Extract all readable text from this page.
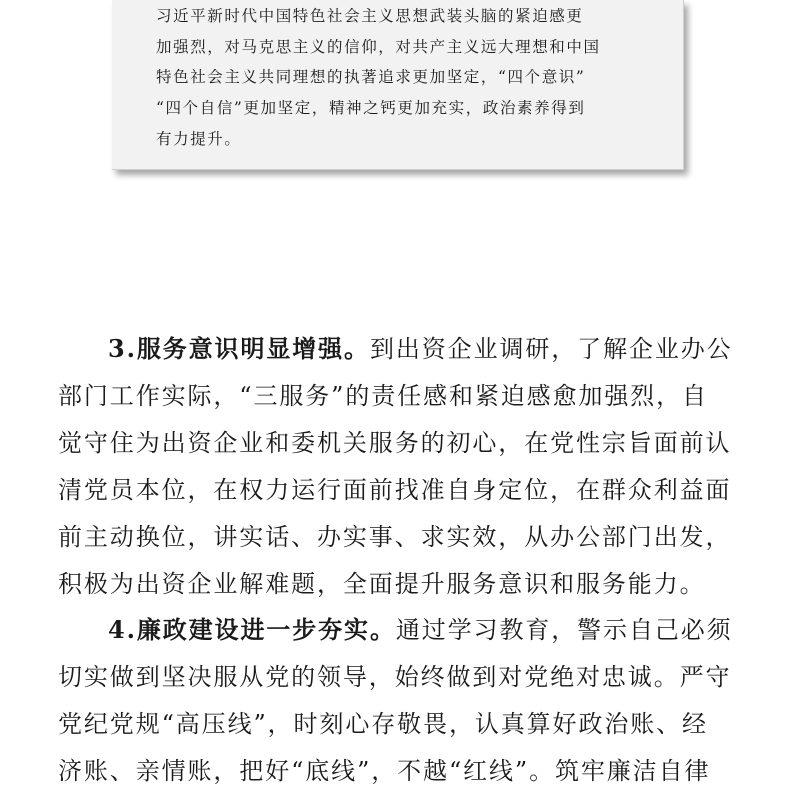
习近平新时代中国特色社会主义思想武装头脑的紧迫感更
加强烈，对马克思主义的信仰，对共产主义远大理想和中国
特色社会主义共同理想的执著追求更加坚定，“四个意识”
“四个自信”更加坚定，精神之钙更加充实，政治素养得到
有力提升。
3.服务意识明显增强。到出资企业调研，了解企业办公
部门工作实际，“三服务”的责任感和紧迫感愈加强烈，自
觉守住为出资企业和委机关服务的初心，在党性宗旨面前认
清党员本位，在权力运行面前找准自身定位，在群众利益面
前主动换位，讲实话、办实事、求实效，从办公部门出发，
积极为出资企业解难题，全面提升服务意识和服务能力。
4.廉政建设进一步夯实。通过学习教育，警示自己必须
切实做到坚决服从党的领导，始终做到对党绝对忠诚。严守
党纪党规“高压线”，时刻心存敬畏，认真算好政治账、经
济账、亲情账，把好“底线”，不越“红线”。筑牢廉洁自律
